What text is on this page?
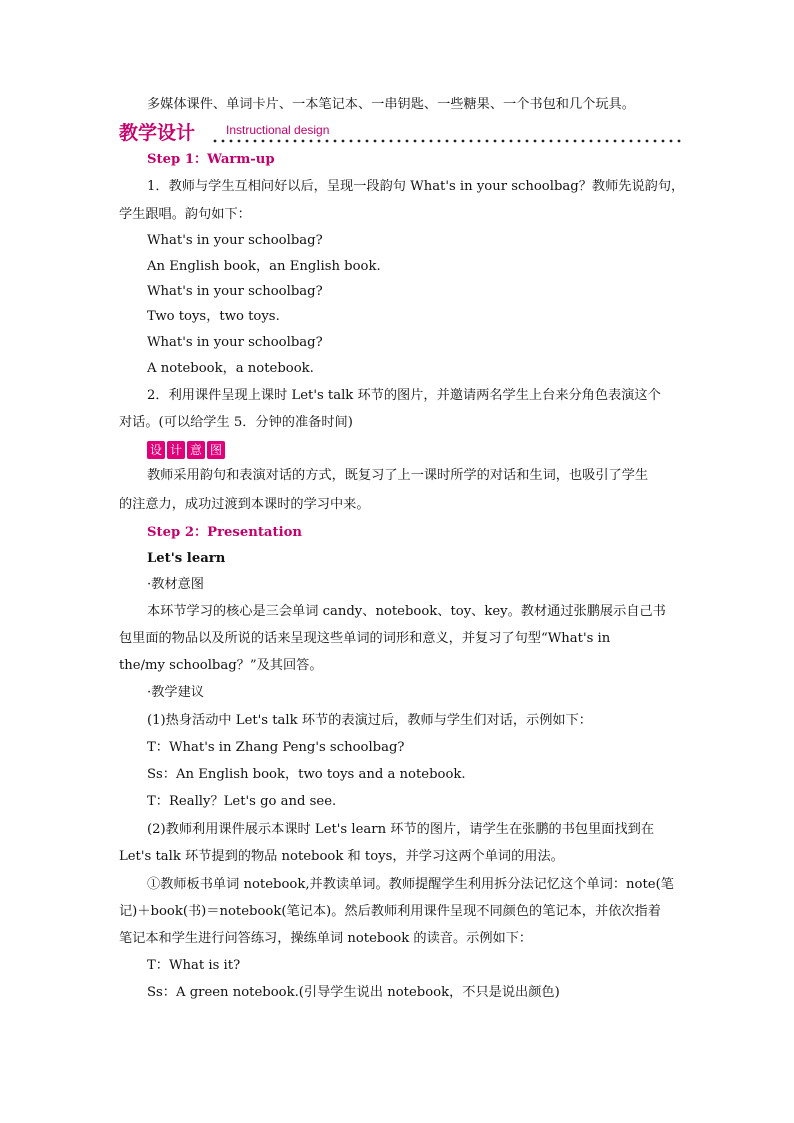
多媒体课件、单词卡片、一本笔记本、一串钥匙、一些糖果、一个书包和几个玩具。
教学设计	Instructional design
Step 1：Warm-up
1．教师与学生互相问好以后，呈现一段韵句 What's in your schoolbag？教师先说韵句，
学生跟唱。韵句如下：
What's in your schoolbag?
An English book，an English book.
What's in your schoolbag?
Two toys，two toys.
What's in your schoolbag?
A notebook，a notebook.
2．利用课件呈现上课时 Let's talk 环节的图片，并邀请两名学生上台来分角色表演这个
对话。(可以给学生 5．分钟的准备时间)
设 计 意 图
教师采用韵句和表演对话的方式，既复习了上一课时所学的对话和生词，也吸引了学生
的注意力，成功过渡到本课时的学习中来。
Step 2：Presentation
Let's learn
·教材意图
本环节学习的核心是三会单词 candy、notebook、toy、key。教材通过张鹏展示自己书
包里面的物品以及所说的话来呈现这些单词的词形和意义，并复习了句型“What's in
the/my schoolbag？”及其回答。
·教学建议
(1)热身活动中 Let's talk 环节的表演过后，教师与学生们对话，示例如下：
T：What's in Zhang Peng's schoolbag?
Ss：An English book，two toys and a notebook.
T：Really？Let's go and see.
(2)教师利用课件展示本课时 Let's learn 环节的图片，请学生在张鹏的书包里面找到在
Let's talk 环节提到的物品 notebook 和 toys，并学习这两个单词的用法。
①教师板书单词 notebook,并教读单词。教师提醒学生利用拆分法记忆这个单词：note(笔
记)＋book(书)＝notebook(笔记本)。然后教师利用课件呈现不同颜色的笔记本，并依次指着
笔记本和学生进行问答练习，操练单词 notebook 的读音。示例如下：
T：What is it?
Ss：A green notebook.(引导学生说出 notebook，不只是说出颜色)
